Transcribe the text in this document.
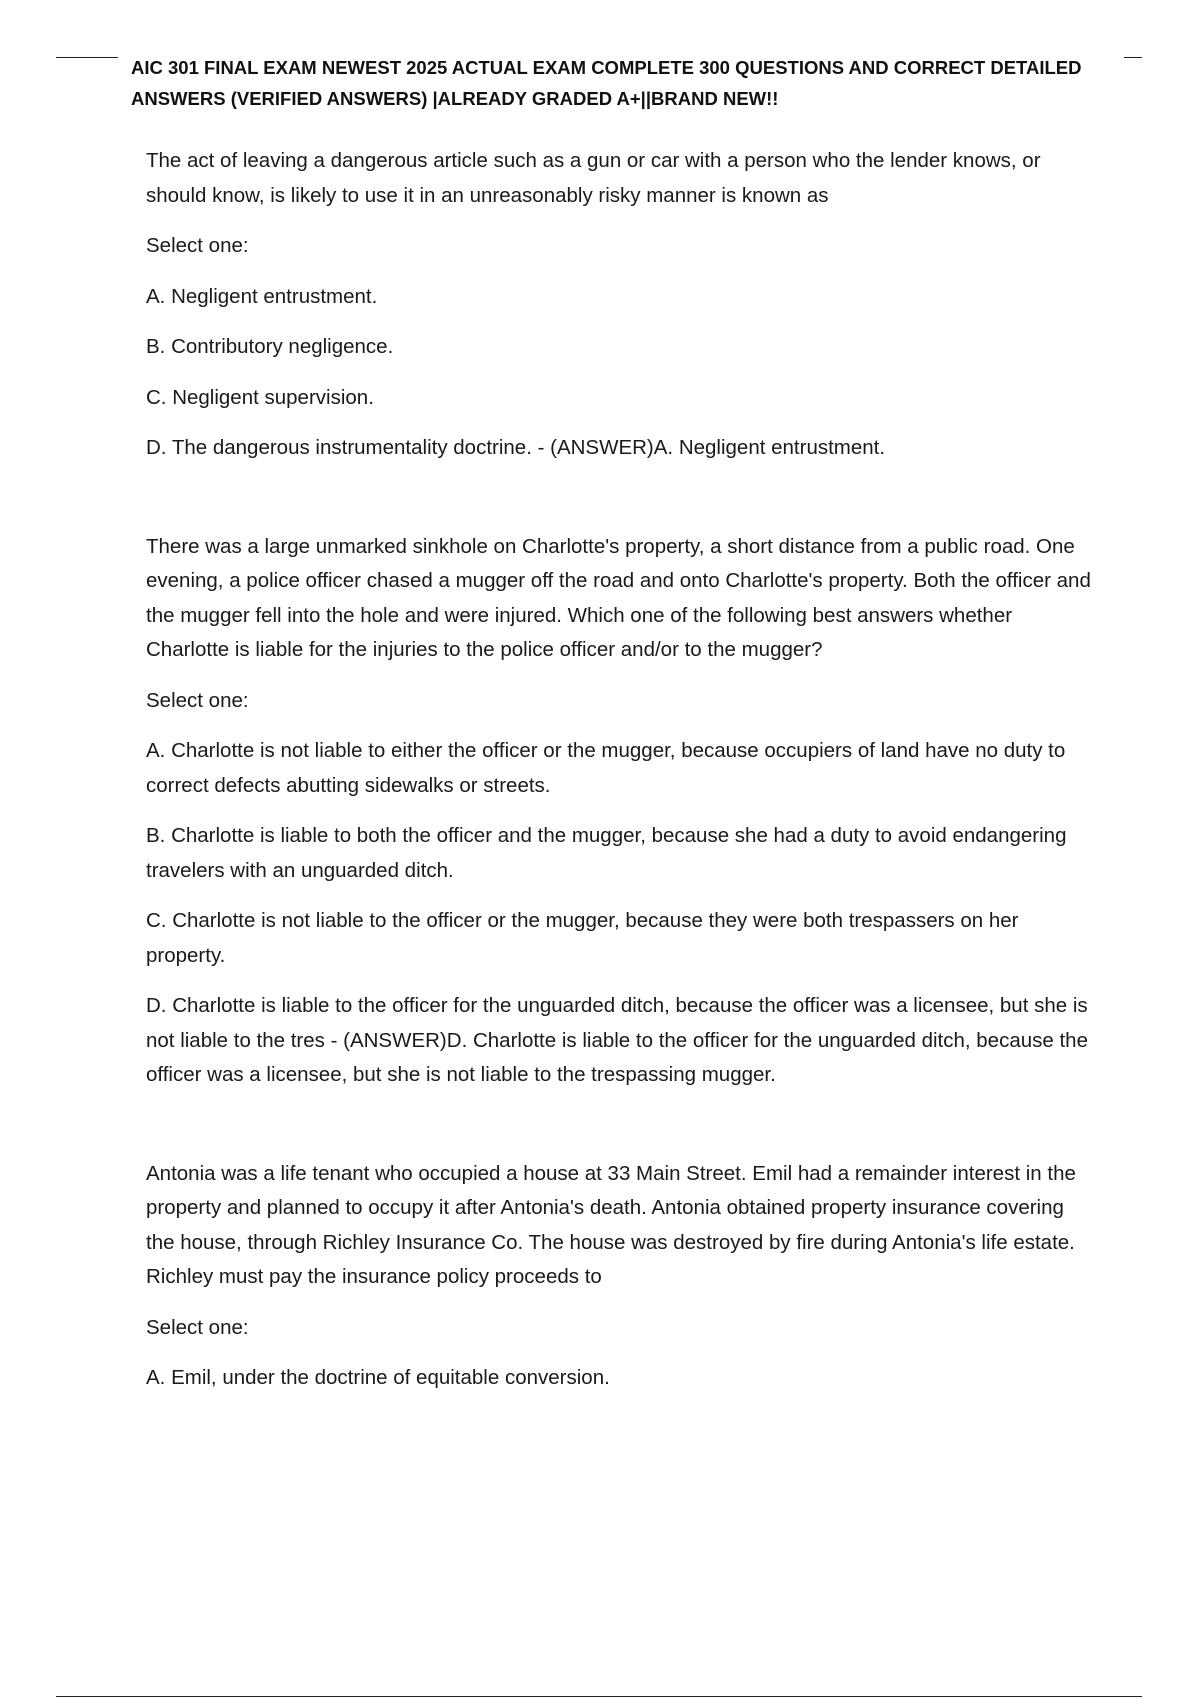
AIC 301 FINAL EXAM NEWEST 2025 ACTUAL EXAM COMPLETE 300 QUESTIONS AND CORRECT DETAILED
ANSWERS (VERIFIED ANSWERS) |ALREADY GRADED A+||BRAND NEW!!

The act of leaving a dangerous article such as a gun or car with a person who the lender knows, or should know, is likely to use it in an unreasonably risky manner is known as

Select one:

A. Negligent entrustment.

B. Contributory negligence.

C. Negligent supervision.

D. The dangerous instrumentality doctrine. - (ANSWER)A. Negligent entrustment.

There was a large unmarked sinkhole on Charlotte's property, a short distance from a public road. One evening, a police officer chased a mugger off the road and onto Charlotte's property. Both the officer and the mugger fell into the hole and were injured. Which one of the following best answers whether Charlotte is liable for the injuries to the police officer and/or to the mugger?

Select one:

A. Charlotte is not liable to either the officer or the mugger, because occupiers of land have no duty to correct defects abutting sidewalks or streets.

B. Charlotte is liable to both the officer and the mugger, because she had a duty to avoid endangering travelers with an unguarded ditch.

C. Charlotte is not liable to the officer or the mugger, because they were both trespassers on her property.

D. Charlotte is liable to the officer for the unguarded ditch, because the officer was a licensee, but she is not liable to the tres - (ANSWER)D. Charlotte is liable to the officer for the unguarded ditch, because the officer was a licensee, but she is not liable to the trespassing mugger.

Antonia was a life tenant who occupied a house at 33 Main Street. Emil had a remainder interest in the property and planned to occupy it after Antonia's death. Antonia obtained property insurance covering the house, through Richley Insurance Co. The house was destroyed by fire during Antonia's life estate. Richley must pay the insurance policy proceeds to

Select one:

A. Emil, under the doctrine of equitable conversion.
